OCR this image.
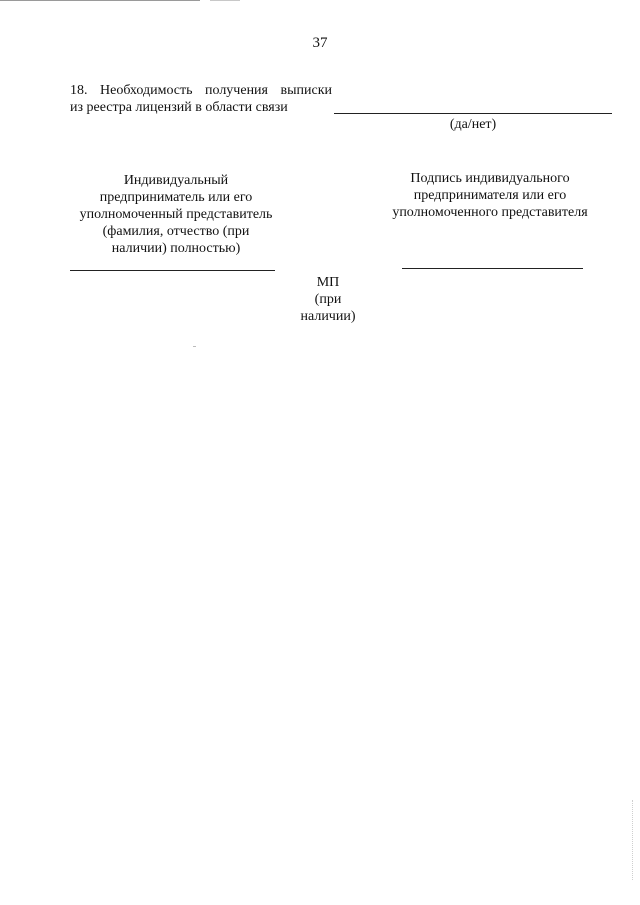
37
18. Необходимость получения выписки
из реестра лицензий в области связи
(да/нет)
Индивидуальный
предприниматель или его
уполномоченный представитель
(фамилия, отчество (при
наличии) полностью)
Подпись индивидуального
предпринимателя или его
уполномоченного представителя
МП
(при
наличии)
